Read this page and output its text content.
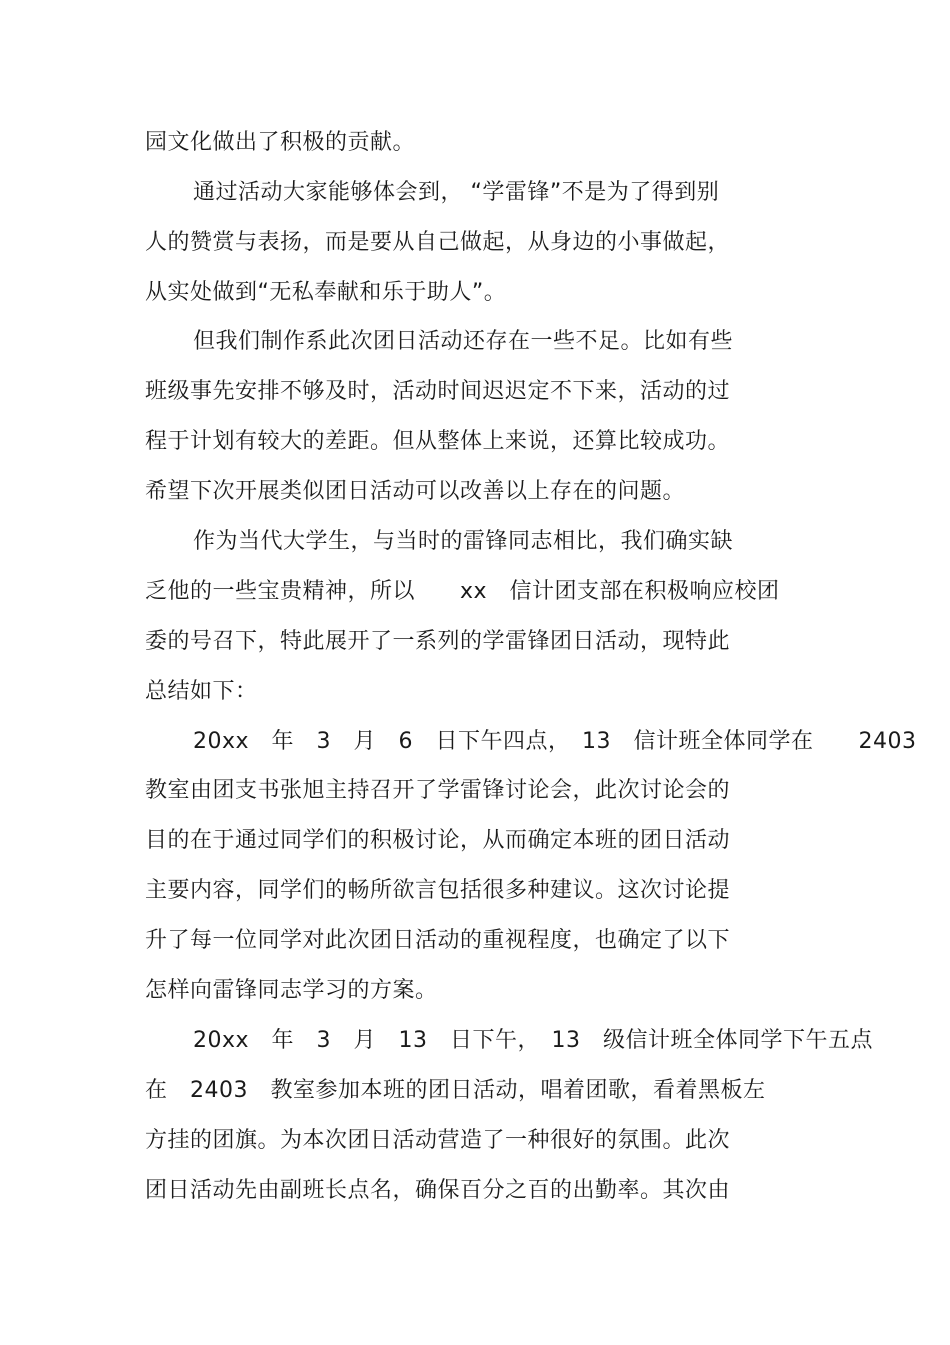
园文化做出了积极的贡献。
通过活动大家能够体会到， “学雷锋”不是为了得到别
人的赞赏与表扬，而是要从自己做起，从身边的小事做起，
从实处做到“无私奉献和乐于助人”。
但我们制作系此次团日活动还存在一些不足。比如有些
班级事先安排不够及时，活动时间迟迟定不下来，活动的过
程于计划有较大的差距。但从整体上来说，还算比较成功。
希望下次开展类似团日活动可以改善以上存在的问题。
作为当代大学生，与当时的雷锋同志相比，我们确实缺
乏他的一些宝贵精神，所以　　xx　信计团支部在积极响应校团
委的号召下，特此展开了一系列的学雷锋团日活动，现特此
总结如下：
20xx　年　3　月　6　日下午四点，　13　信计班全体同学在　　2403
教室由团支书张旭主持召开了学雷锋讨论会，此次讨论会的
目的在于通过同学们的积极讨论，从而确定本班的团日活动
主要内容，同学们的畅所欲言包括很多种建议。这次讨论提
升了每一位同学对此次团日活动的重视程度，也确定了以下
怎样向雷锋同志学习的方案。
20xx　年　3　月　13　日下午，　13　级信计班全体同学下午五点
在　2403　教室参加本班的团日活动，唱着团歌，看着黑板左
方挂的团旗。为本次团日活动营造了一种很好的氛围。此次
团日活动先由副班长点名，确保百分之百的出勤率。其次由
